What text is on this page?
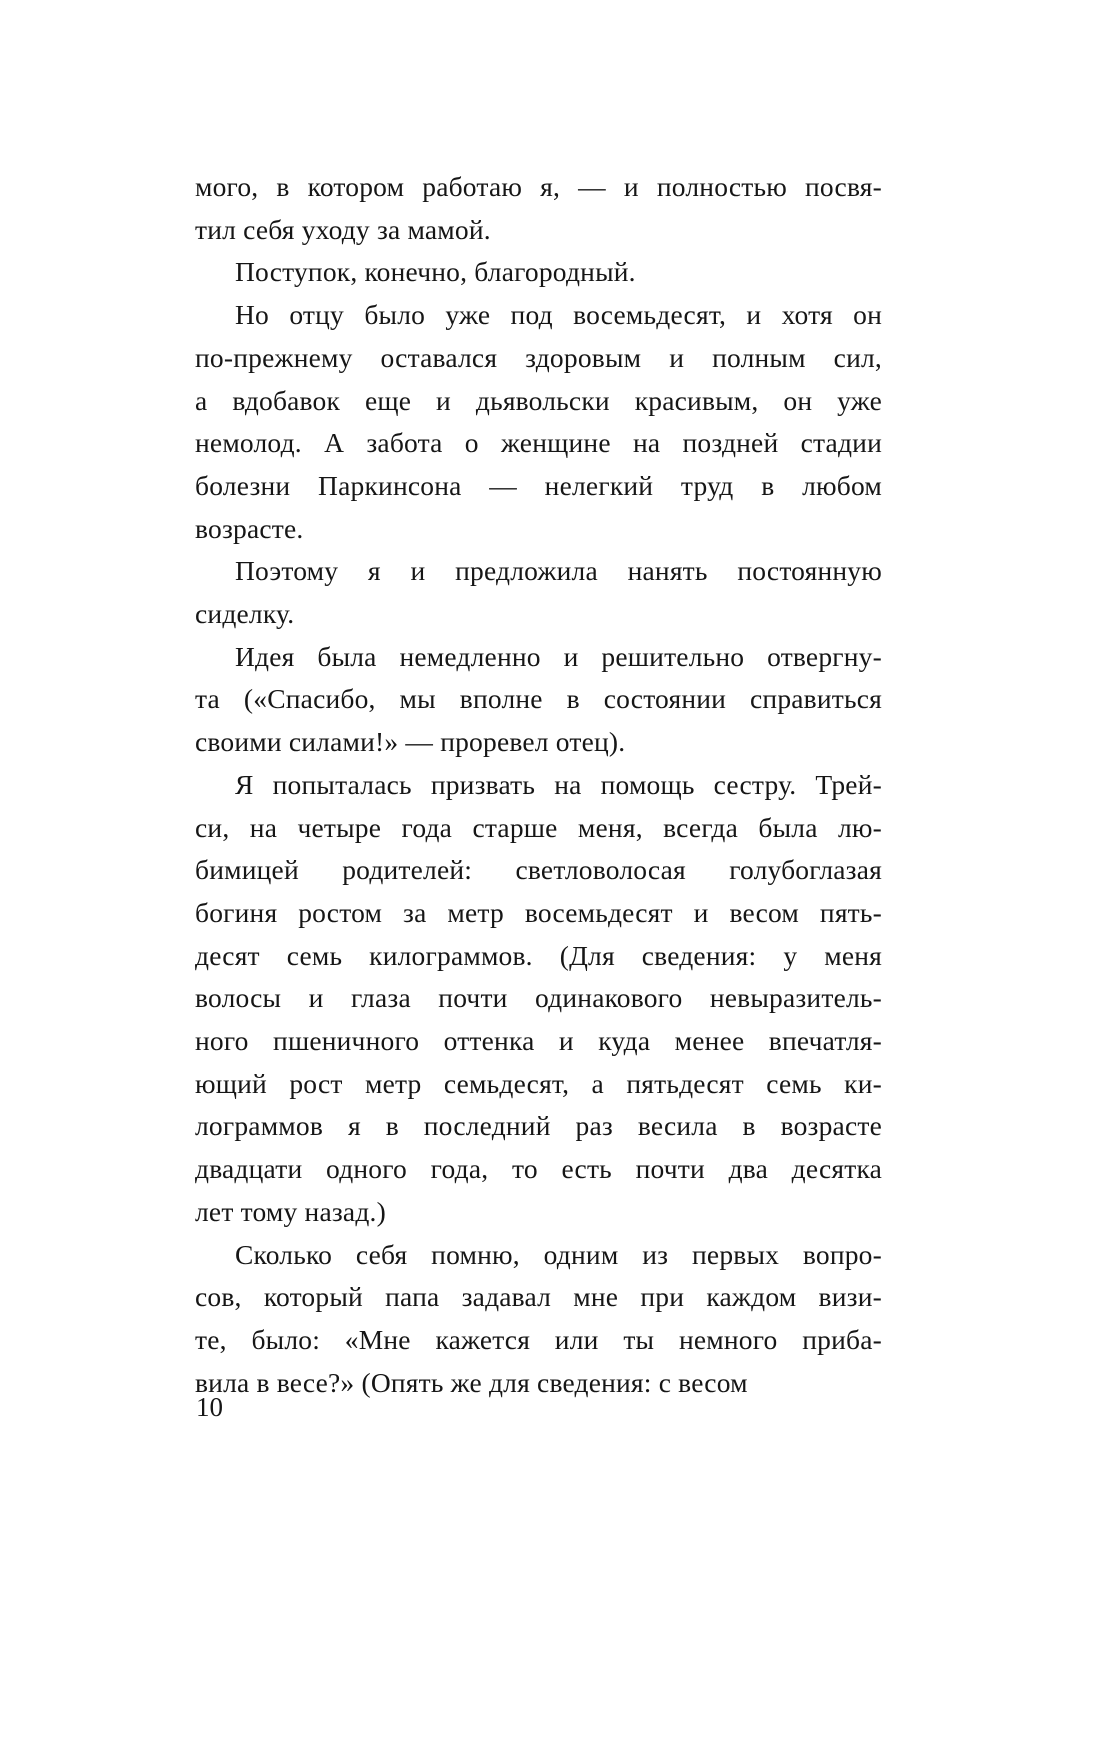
мого, в котором работаю я, — и полностью посвя-
тил себя уходу за мамой.

Поступок, конечно, благородный.

Но отцу было уже под восемьдесят, и хотя он
по-прежнему оставался здоровым и полным сил,
а вдобавок еще и дьявольски красивым, он уже
немолод. А забота о женщине на поздней стадии
болезни Паркинсона — нелегкий труд в любом
возрасте.

Поэтому я и предложила нанять постоянную
сиделку.

Идея была немедленно и решительно отвергну-
та («Спасибо, мы вполне в состоянии справиться
своими силами!» — проревел отец).

Я попыталась призвать на помощь сестру. Трей-
си, на четыре года старше меня, всегда была лю-
бимицей родителей: светловолосая голубоглазая
богиня ростом за метр восемьдесят и весом пять-
десят семь килограммов. (Для сведения: у меня
волосы и глаза почти одинакового невыразитель-
ного пшеничного оттенка и куда менее впечатля-
ющий рост метр семьдесят, а пятьдесят семь ки-
лограммов я в последний раз весила в возрасте
двадцати одного года, то есть почти два десятка
лет тому назад.)

Сколько себя помню, одним из первых вопро-
сов, который папа задавал мне при каждом визи-
те, было: «Мне кажется или ты немного приба-
вила в весе?» (Опять же для сведения: с весом

10
